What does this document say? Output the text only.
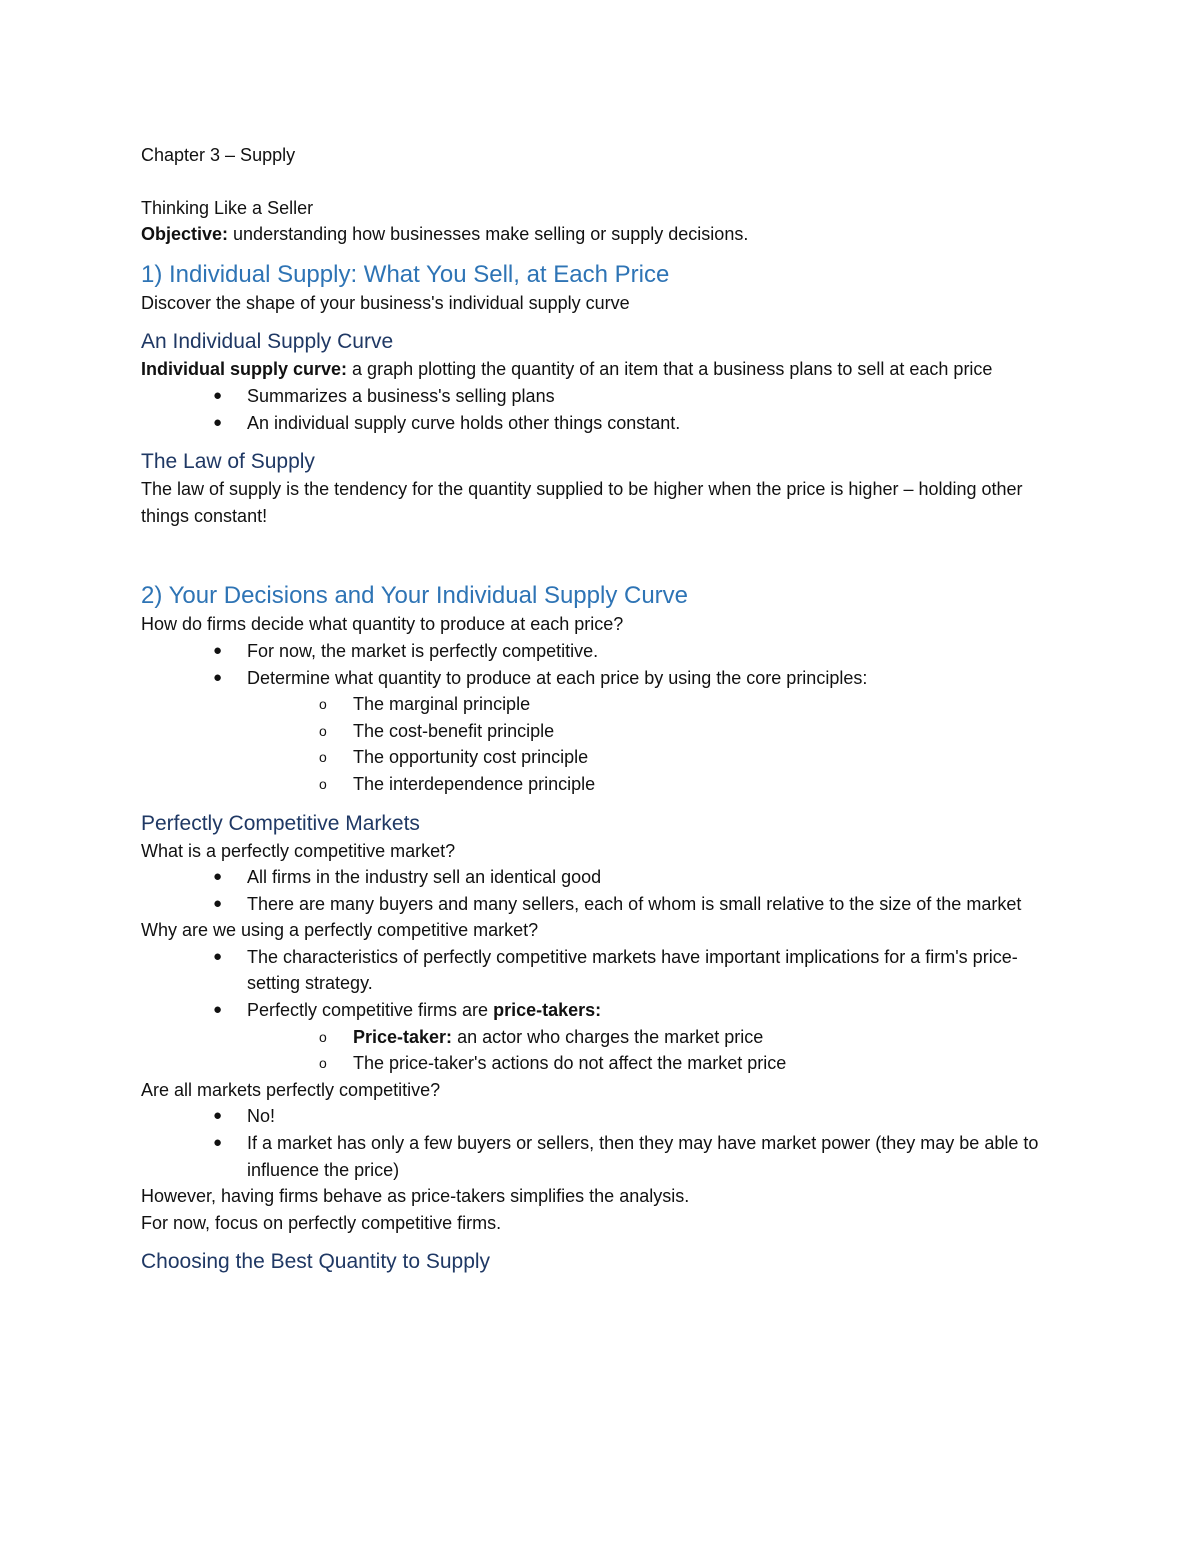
Chapter 3 – Supply

Thinking Like a Seller

Objective: understanding how businesses make selling or supply decisions.

1) Individual Supply: What You Sell, at Each Price

Discover the shape of your business's individual supply curve

An Individual Supply Curve

Individual supply curve: a graph plotting the quantity of an item that a business plans to sell at each price

● Summarizes a business's selling plans
● An individual supply curve holds other things constant.
The Law of Supply

The law of supply is the tendency for the quantity supplied to be higher when the price is higher – holding other things constant!

2) Your Decisions and Your Individual Supply Curve

How do firms decide what quantity to produce at each price?

● For now, the market is perfectly competitive.
● Determine what quantity to produce at each price by using the core principles:
o The marginal principle
o The cost-benefit principle
o The opportunity cost principle
o The interdependence principle
Perfectly Competitive Markets

What is a perfectly competitive market?

● All firms in the industry sell an identical good
● There are many buyers and many sellers, each of whom is small relative to the size of the market

Why are we using a perfectly competitive market?

● The characteristics of perfectly competitive markets have important implications for a firm's price-setting strategy.
● Perfectly competitive firms are price-takers:
o Price-taker: an actor who charges the market price
o The price-taker's actions do not affect the market price

Are all markets perfectly competitive?

● No!
● If a market has only a few buyers or sellers, then they may have market power (they may be able to influence the price)

However, having firms behave as price-takers simplifies the analysis.

For now, focus on perfectly competitive firms.

Choosing the Best Quantity to Supply
